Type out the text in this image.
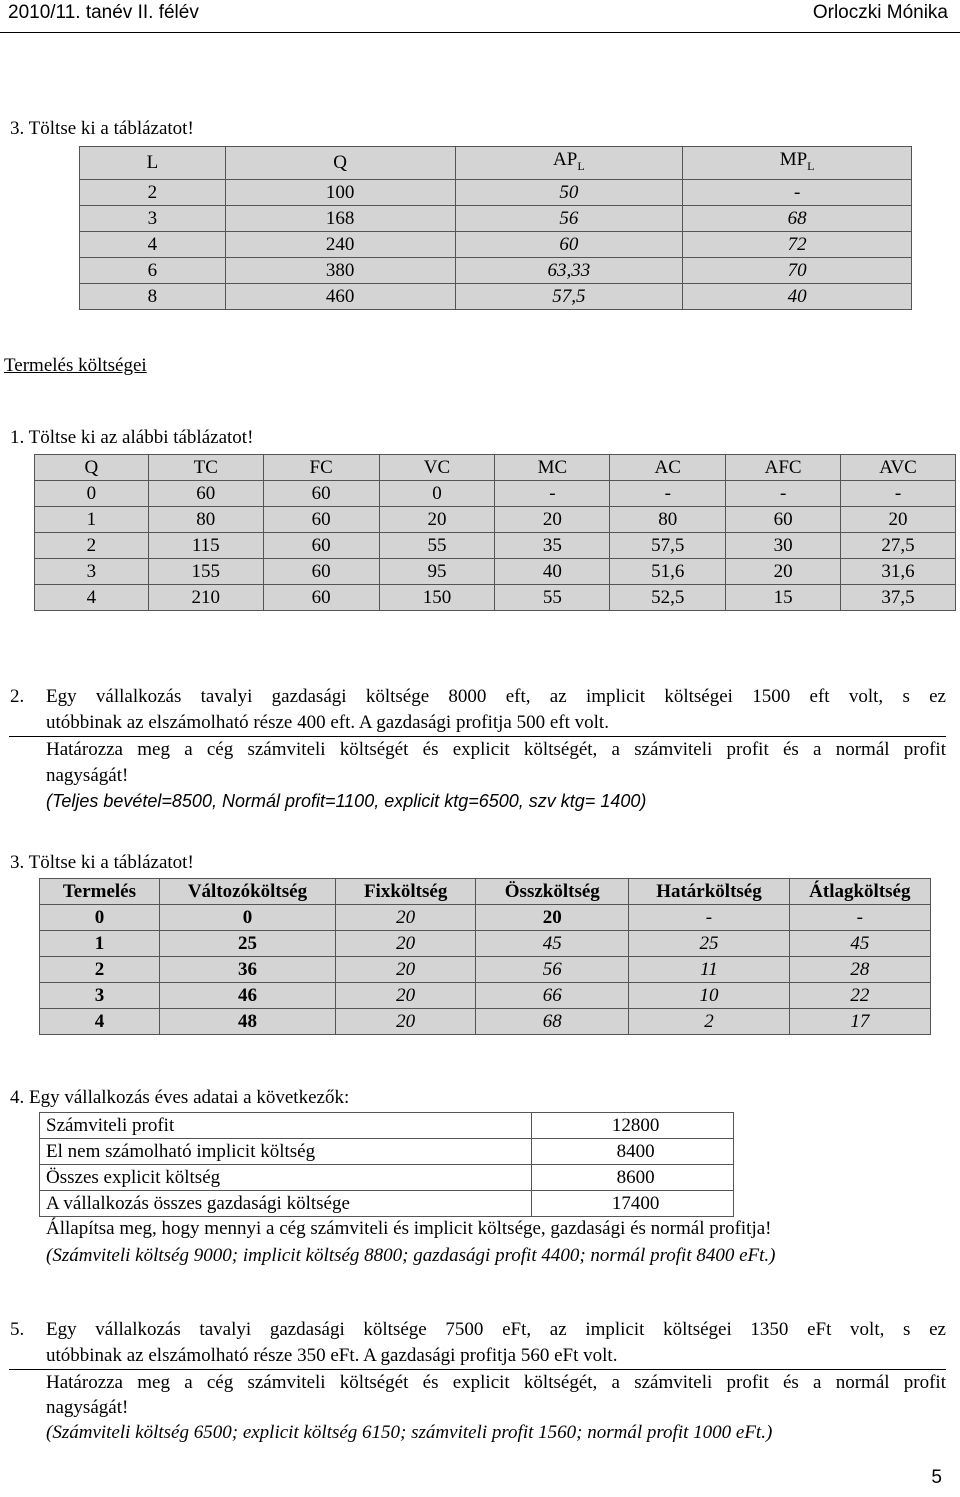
2010/11. tanév II. félév	Orloczki Mónika
3. Töltse ki a táblázatot!
L	Q	$AP_L$	$MP_L$
2	100	50	-
3	168	56	68
4	240	60	72
6	380	63,33	70
8	460	57,5	40
Termelés költségei
1. Töltse ki az alábbi táblázatot!
Q	TC	FC	VC	MC	AC	AFC	AVC
0	60	60	0	-	-	-	-
1	80	60	20	20	80	60	20
2	115	60	55	35	57,5	30	27,5
3	155	60	95	40	51,6	20	31,6
4	210	60	150	55	52,5	15	37,5
2. Egy vállalkozás tavalyi gazdasági költsége 8000 eft, az implicit költségei 1500 eft volt, s ez
utóbbinak az elszámolható része 400 eft. A gazdasági profitja 500 eft volt.
Határozza meg a cég számviteli költségét és explicit költségét, a számviteli profit és a normál profit
nagyságát!
(Teljes bevétel=8500, Normál profit=1100, explicit ktg=6500, szv ktg= 1400)
3. Töltse ki a táblázatot!
Termelés	Változóköltség	Fixköltség	Összköltség	Határköltség	Átlagköltség
0	0	20	20	-	-
1	25	20	45	25	45
2	36	20	56	11	28
3	46	20	66	10	22
4	48	20	68	2	17
4. Egy vállalkozás éves adatai a következők:
Számviteli profit	12800
El nem számolható implicit költség	8400
Összes explicit költség	8600
A vállalkozás összes gazdasági költsége	17400
Állapítsa meg, hogy mennyi a cég számviteli és implicit költsége, gazdasági és normál profitja!
(Számviteli költség 9000; implicit költség 8800; gazdasági profit 4400; normál profit 8400 eFt.)
5. Egy vállalkozás tavalyi gazdasági költsége 7500 eFt, az implicit költségei 1350 eFt volt, s ez
utóbbinak az elszámolható része 350 eFt. A gazdasági profitja 560 eFt volt.
Határozza meg a cég számviteli költségét és explicit költségét, a számviteli profit és a normál profit
nagyságát!
(Számviteli költség 6500; explicit költség 6150; számviteli profit 1560; normál profit 1000 eFt.)
5
